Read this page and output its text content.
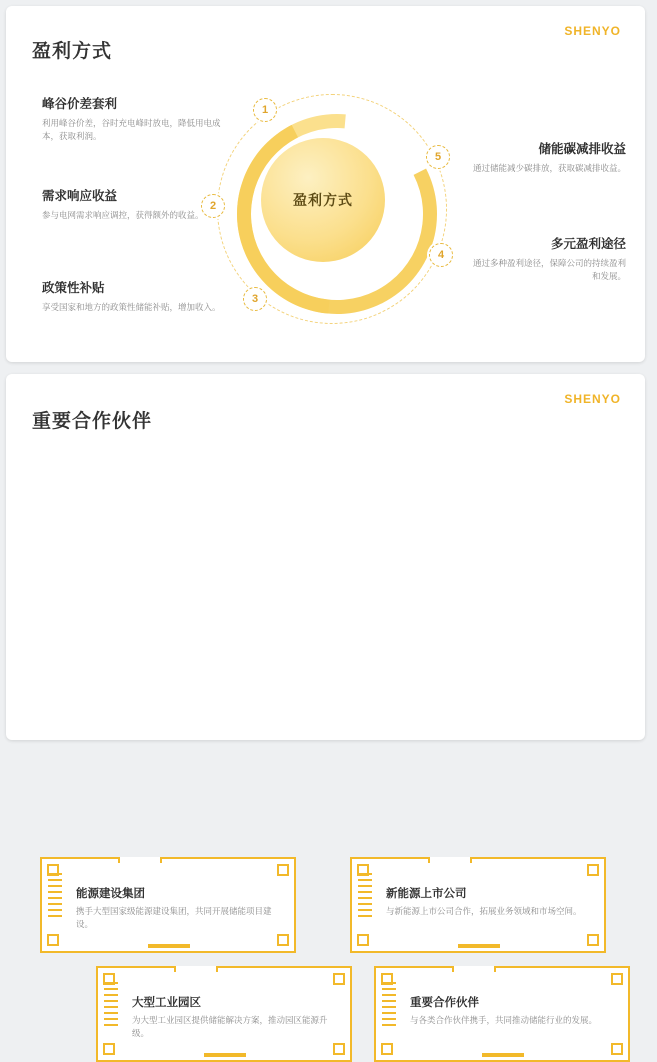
SHENYO
盈利方式
峰谷价差套利
利用峰谷价差，谷时充电峰时放电，降低用电成本，获取利润。
需求响应收益
参与电网需求响应调控，获得额外的收益。
政策性补贴
享受国家和地方的政策性储能补贴，增加收入。
盈利方式
1
2
3
4
5
储能碳减排收益
通过储能减少碳排放，获取碳减排收益。
多元盈利途径
通过多种盈利途径，保障公司的持续盈利和发展。
SHENYO
重要合作伙伴
能源建设集团
携手大型国家级能源建设集团，共同开展储能项目建设。
新能源上市公司
与新能源上市公司合作，拓展业务领域和市场空间。
大型工业园区
为大型工业园区提供储能解决方案，推动园区能源升级。
重要合作伙伴
与各类合作伙伴携手，共同推动储能行业的发展。
